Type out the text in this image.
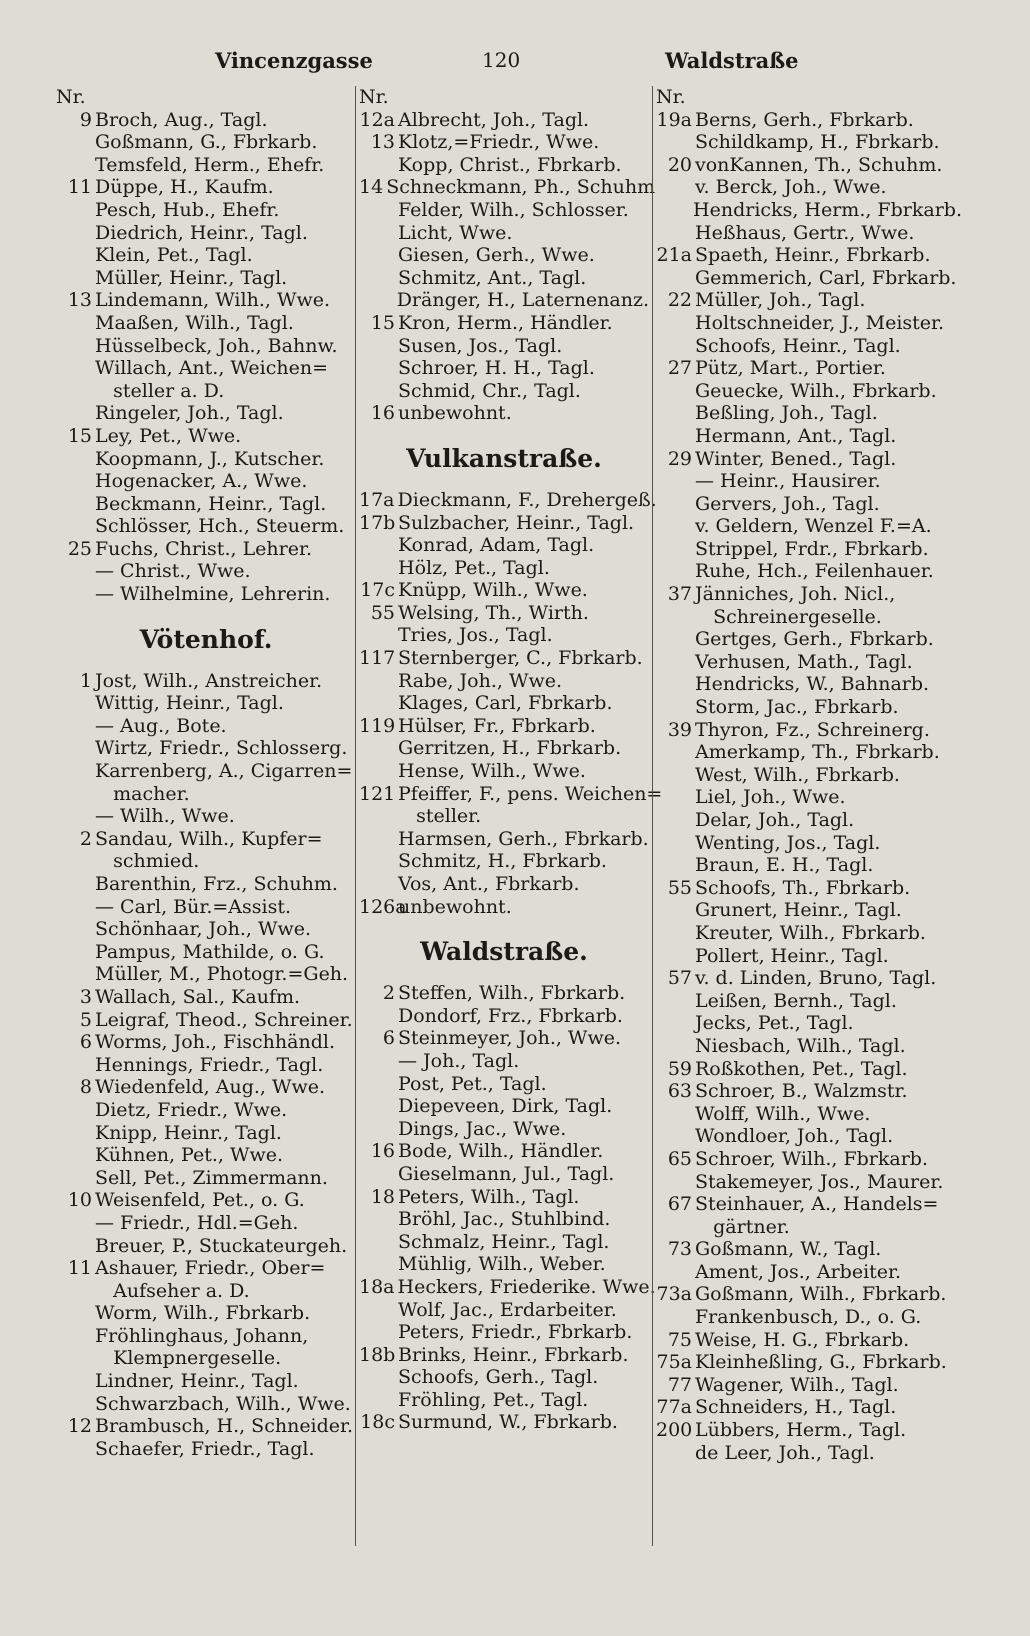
Vincenzgasse	120	Waldstraße
Nr.
9 Broch, Aug., Tagl.
Goßmann, G., Fbrkarb.
Temsfeld, Herm., Ehefr.
11 Düppe, H., Kaufm.
Pesch, Hub., Ehefr.
Diedrich, Heinr., Tagl.
Klein, Pet., Tagl.
Müller, Heinr., Tagl.
13 Lindemann, Wilh., Wwe.
Maaßen, Wilh., Tagl.
Hüsselbeck, Joh., Bahnw.
Willach, Ant., Weichen=
steller a. D.
Ringeler, Joh., Tagl.
15 Ley, Pet., Wwe.
Koopmann, J., Kutscher.
Hogenacker, A., Wwe.
Beckmann, Heinr., Tagl.
Schlösser, Hch., Steuerm.
25 Fuchs, Christ., Lehrer.
— Christ., Wwe.
— Wilhelmine, Lehrerin.
Vötenhof.
1 Jost, Wilh., Anstreicher.
Wittig, Heinr., Tagl.
— Aug., Bote.
Wirtz, Friedr., Schlosserg.
Karrenberg, A., Cigarren=
macher.
— Wilh., Wwe.
2 Sandau, Wilh., Kupfer=
schmied.
Barenthin, Frz., Schuhm.
— Carl, Bür.=Assist.
Schönhaar, Joh., Wwe.
Pampus, Mathilde, o. G.
Müller, M., Photogr.=Geh.
3 Wallach, Sal., Kaufm.
5 Leigraf, Theod., Schreiner.
6 Worms, Joh., Fischhändl.
Hennings, Friedr., Tagl.
8 Wiedenfeld, Aug., Wwe.
Dietz, Friedr., Wwe.
Knipp, Heinr., Tagl.
Kühnen, Pet., Wwe.
Sell, Pet., Zimmermann.
10 Weisenfeld, Pet., o. G.
— Friedr., Hdl.=Geh.
Breuer, P., Stuckateurgeh.
11 Ashauer, Friedr., Ober=
Aufseher a. D.
Worm, Wilh., Fbrkarb.
Fröhlinghaus, Johann,
Klempnergeselle.
Lindner, Heinr., Tagl.
Schwarzbach, Wilh., Wwe.
12 Brambusch, H., Schneider.
Schaefer, Friedr., Tagl.
Nr.
12a Albrecht, Joh., Tagl.
13 Klotz,=Friedr., Wwe.
Kopp, Christ., Fbrkarb.
14 Schneckmann, Ph., Schuhm
Felder, Wilh., Schlosser.
Licht, Wwe.
Giesen, Gerh., Wwe.
Schmitz, Ant., Tagl.
Dränger, H., Laternenanz.
15 Kron, Herm., Händler.
Susen, Jos., Tagl.
Schroer, H. H., Tagl.
Schmid, Chr., Tagl.
16 unbewohnt.
Vulkanstraße.
17a Dieckmann, F., Drehergeß.
17b Sulzbacher, Heinr., Tagl.
Konrad, Adam, Tagl.
Hölz, Pet., Tagl.
17c Knüpp, Wilh., Wwe.
55 Welsing, Th., Wirth.
Tries, Jos., Tagl.
117 Sternberger, C., Fbrkarb.
Rabe, Joh., Wwe.
Klages, Carl, Fbrkarb.
119 Hülser, Fr., Fbrkarb.
Gerritzen, H., Fbrkarb.
Hense, Wilh., Wwe.
121 Pfeiffer, F., pens. Weichen=
steller.
Harmsen, Gerh., Fbrkarb.
Schmitz, H., Fbrkarb.
Vos, Ant., Fbrkarb.
126a
unbewohnt.
Waldstraße.
2 Steffen, Wilh., Fbrkarb.
Dondorf, Frz., Fbrkarb.
6 Steinmeyer, Joh., Wwe.
— Joh., Tagl.
Post, Pet., Tagl.
Diepeveen, Dirk, Tagl.
Dings, Jac., Wwe.
16 Bode, Wilh., Händler.
Gieselmann, Jul., Tagl.
18 Peters, Wilh., Tagl.
Bröhl, Jac., Stuhlbind.
Schmalz, Heinr., Tagl.
Mühlig, Wilh., Weber.
18a Heckers, Friederike. Wwe.
Wolf, Jac., Erdarbeiter.
Peters, Friedr., Fbrkarb.
18b Brinks, Heinr., Fbrkarb.
Schoofs, Gerh., Tagl.
Fröhling, Pet., Tagl.
18c Surmund, W., Fbrkarb.
Nr.
19a Berns, Gerh., Fbrkarb.
Schildkamp, H., Fbrkarb.
20 vonKannen, Th., Schuhm.
v. Berck, Joh., Wwe.
Hendricks, Herm., Fbrkarb.
Heßhaus, Gertr., Wwe.
21a Spaeth, Heinr., Fbrkarb.
Gemmerich, Carl, Fbrkarb.
22 Müller, Joh., Tagl.
Holtschneider, J., Meister.
Schoofs, Heinr., Tagl.
27 Pütz, Mart., Portier.
Geuecke, Wilh., Fbrkarb.
Beßling, Joh., Tagl.
Hermann, Ant., Tagl.
29 Winter, Bened., Tagl.
— Heinr., Hausirer.
Gervers, Joh., Tagl.
v. Geldern, Wenzel F.=A.
Strippel, Frdr., Fbrkarb.
Ruhe, Hch., Feilenhauer.
37 Jänniches, Joh. Nicl.,
Schreinergeselle.
Gertges, Gerh., Fbrkarb.
Verhusen, Math., Tagl.
Hendricks, W., Bahnarb.
Storm, Jac., Fbrkarb.
39 Thyron, Fz., Schreinerg.
Amerkamp, Th., Fbrkarb.
West, Wilh., Fbrkarb.
Liel, Joh., Wwe.
Delar, Joh., Tagl.
Wenting, Jos., Tagl.
Braun, E. H., Tagl.
55 Schoofs, Th., Fbrkarb.
Grunert, Heinr., Tagl.
Kreuter, Wilh., Fbrkarb.
Pollert, Heinr., Tagl.
57 v. d. Linden, Bruno, Tagl.
Leißen, Bernh., Tagl.
Jecks, Pet., Tagl.
Niesbach, Wilh., Tagl.
59 Roßkothen, Pet., Tagl.
63 Schroer, B., Walzmstr.
Wolff, Wilh., Wwe.
Wondloer, Joh., Tagl.
65 Schroer, Wilh., Fbrkarb.
Stakemeyer, Jos., Maurer.
67 Steinhauer, A., Handels=
gärtner.
73 Goßmann, W., Tagl.
Ament, Jos., Arbeiter.
73a Goßmann, Wilh., Fbrkarb.
Frankenbusch, D., o. G.
75 Weise, H. G., Fbrkarb.
75a Kleinheßling, G., Fbrkarb.
77 Wagener, Wilh., Tagl.
77a Schneiders, H., Tagl.
200 Lübbers, Herm., Tagl.
de Leer, Joh., Tagl.
